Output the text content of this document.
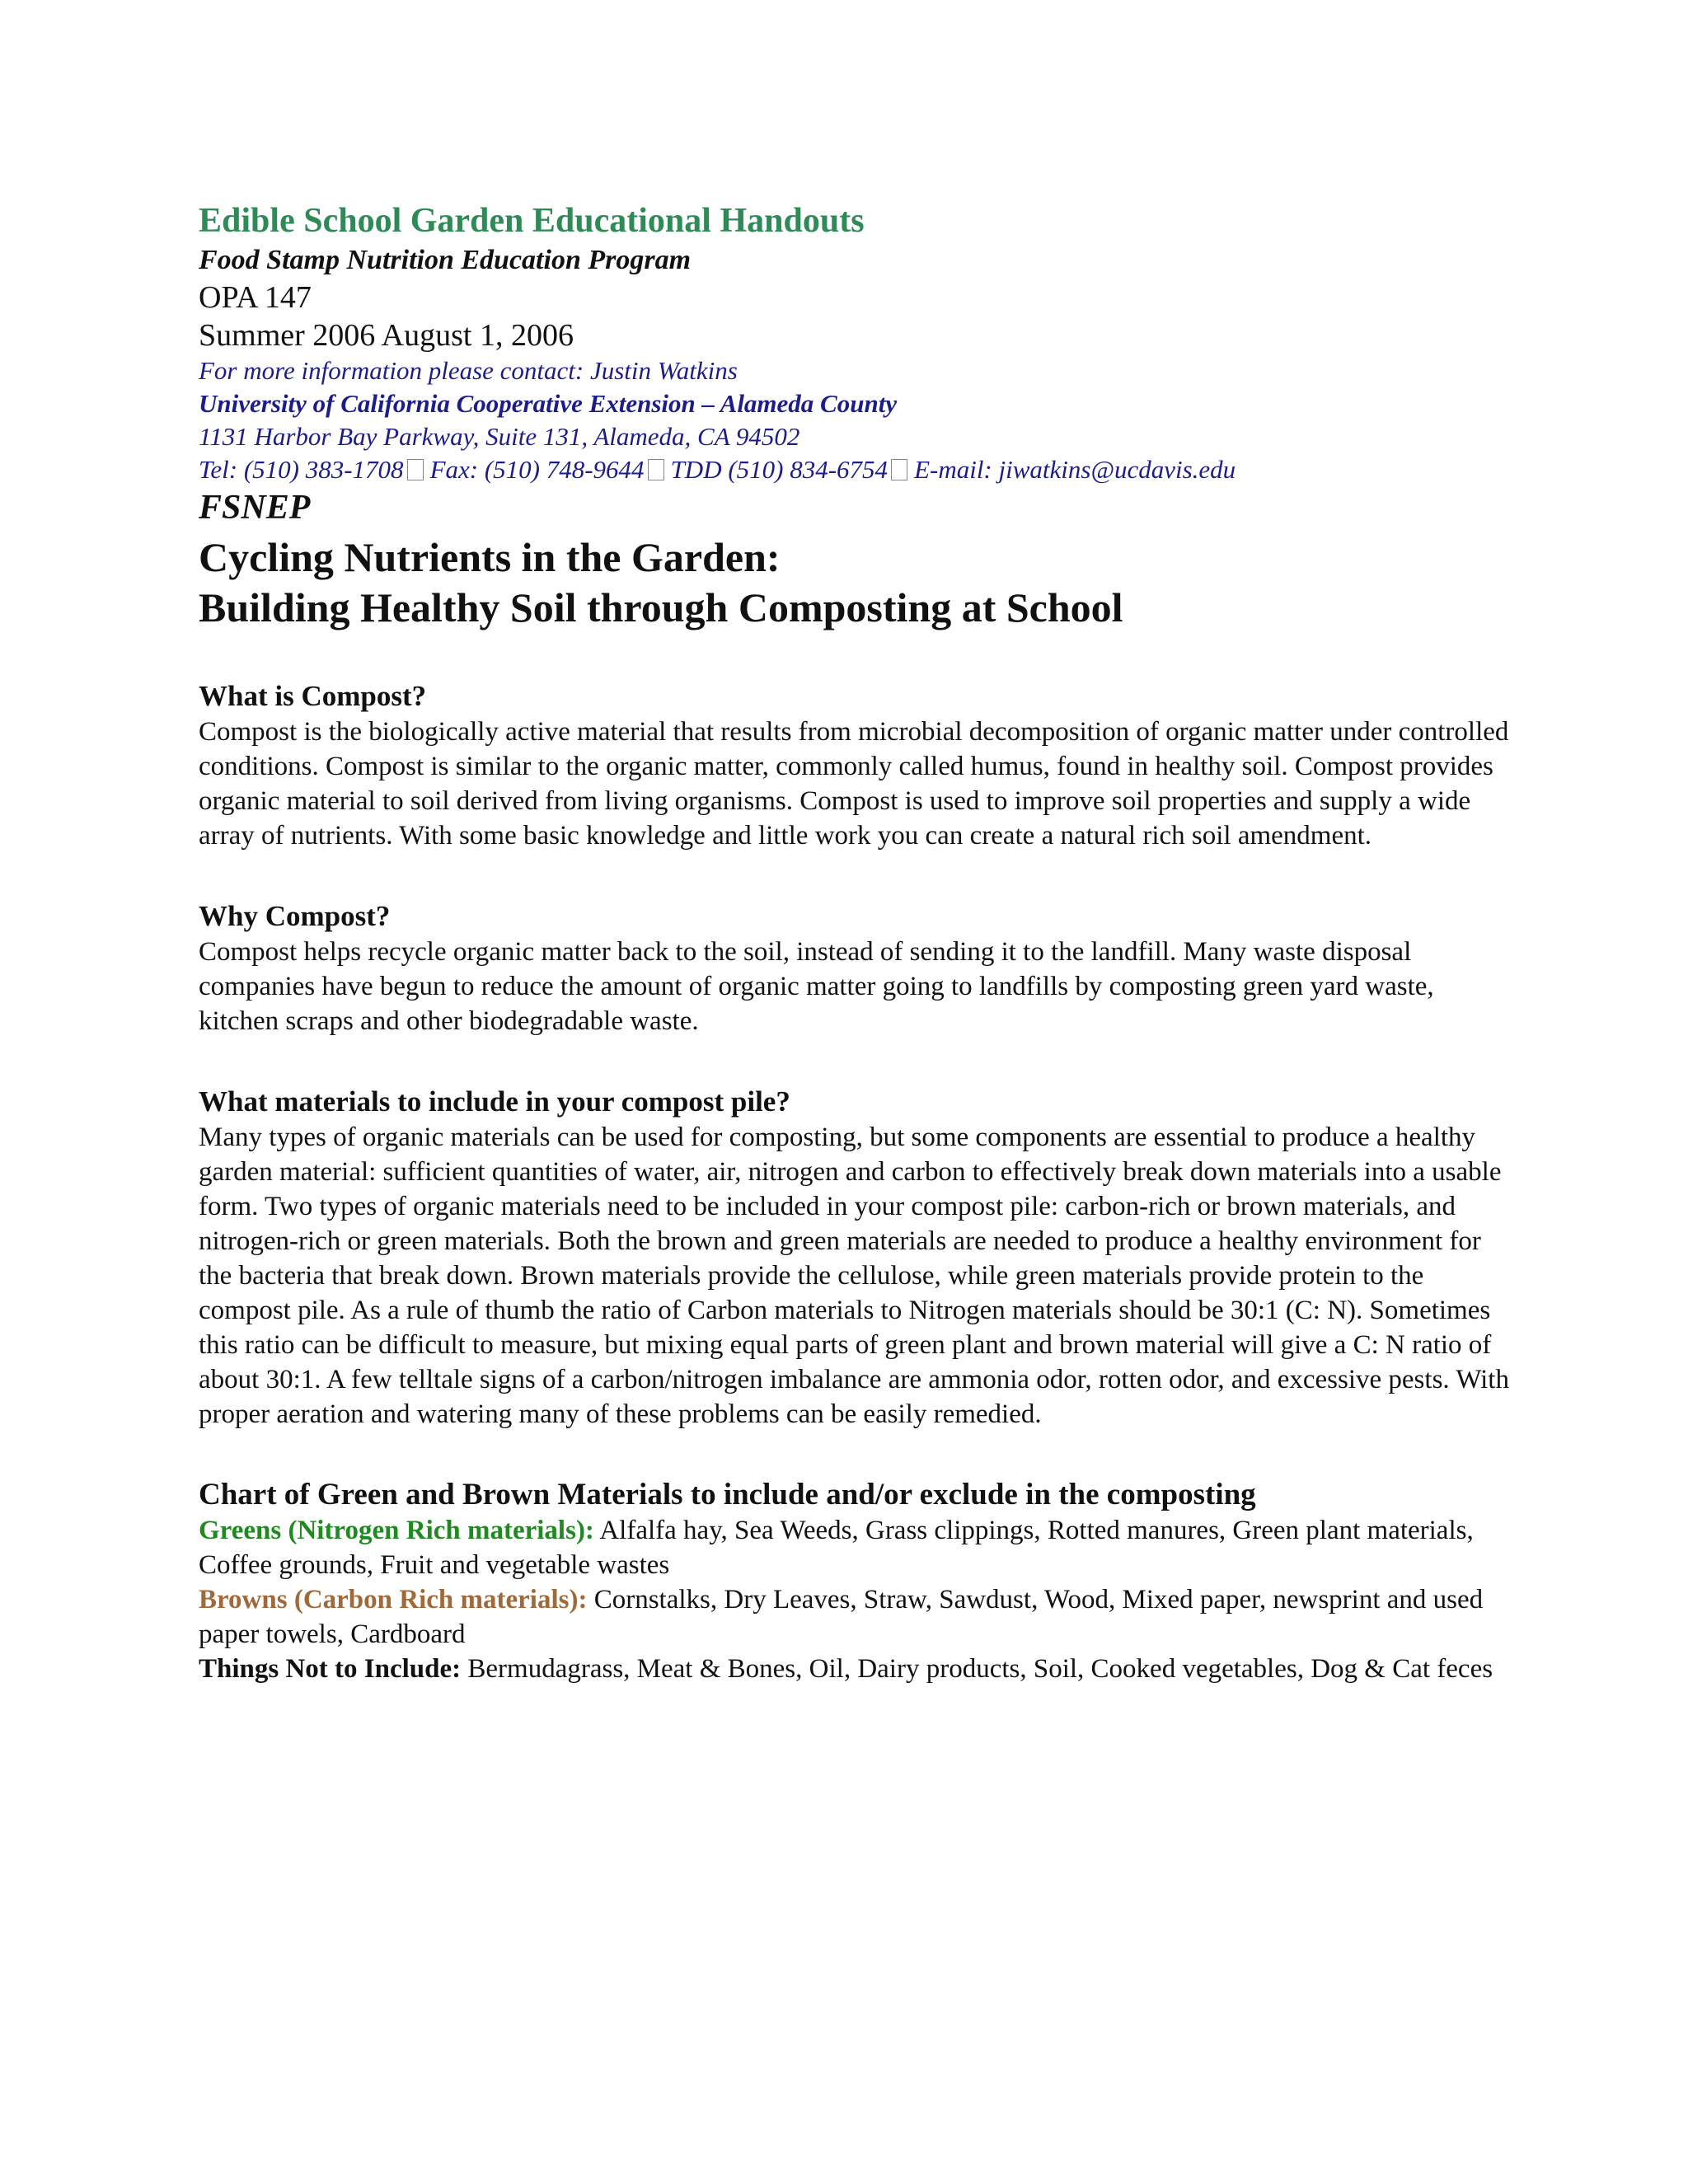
Edible School Garden Educational Handouts
Food Stamp Nutrition Education Program
OPA 147
Summer 2006 August 1, 2006
For more information please contact: Justin Watkins
University of California Cooperative Extension – Alameda County
1131 Harbor Bay Parkway, Suite 131, Alameda, CA 94502
Tel: (510) 383-1708 Fax: (510) 748-9644 TDD (510) 834-6754 E-mail: jiwatkins@ucdavis.edu
FSNEP
Cycling Nutrients in the Garden:
Building Healthy Soil through Composting at School
What is Compost?

Compost is the biologically active material that results from microbial decomposition of organic matter under controlled conditions. Compost is similar to the organic matter, commonly called humus, found in healthy soil. Compost provides organic material to soil derived from living organisms. Compost is used to improve soil properties and supply a wide array of nutrients. With some basic knowledge and little work you can create a natural rich soil amendment.

Why Compost?

Compost helps recycle organic matter back to the soil, instead of sending it to the landfill. Many waste disposal companies have begun to reduce the amount of organic matter going to landfills by composting green yard waste, kitchen scraps and other biodegradable waste.

What materials to include in your compost pile?

Many types of organic materials can be used for composting, but some components are essential to produce a healthy garden material: sufficient quantities of water, air, nitrogen and carbon to effectively break down materials into a usable form. Two types of organic materials need to be included in your compost pile: carbon-rich or brown materials, and nitrogen-rich or green materials. Both the brown and green materials are needed to produce a healthy environment for the bacteria that break down. Brown materials provide the cellulose, while green materials provide protein to the compost pile. As a rule of thumb the ratio of Carbon materials to Nitrogen materials should be 30:1 (C: N). Sometimes this ratio can be difficult to measure, but mixing equal parts of green plant and brown material will give a C: N ratio of about 30:1. A few telltale signs of a carbon/nitrogen imbalance are ammonia odor, rotten odor, and excessive pests. With proper aeration and watering many of these problems can be easily remedied.

Chart of Green and Brown Materials to include and/or exclude in the composting

Greens (Nitrogen Rich materials): Alfalfa hay, Sea Weeds, Grass clippings, Rotted manures, Green plant materials, Coffee grounds, Fruit and vegetable wastes

Browns (Carbon Rich materials): Cornstalks, Dry Leaves, Straw, Sawdust, Wood, Mixed paper, newsprint and used paper towels, Cardboard

Things Not to Include: Bermudagrass, Meat & Bones, Oil, Dairy products, Soil, Cooked vegetables, Dog & Cat feces
